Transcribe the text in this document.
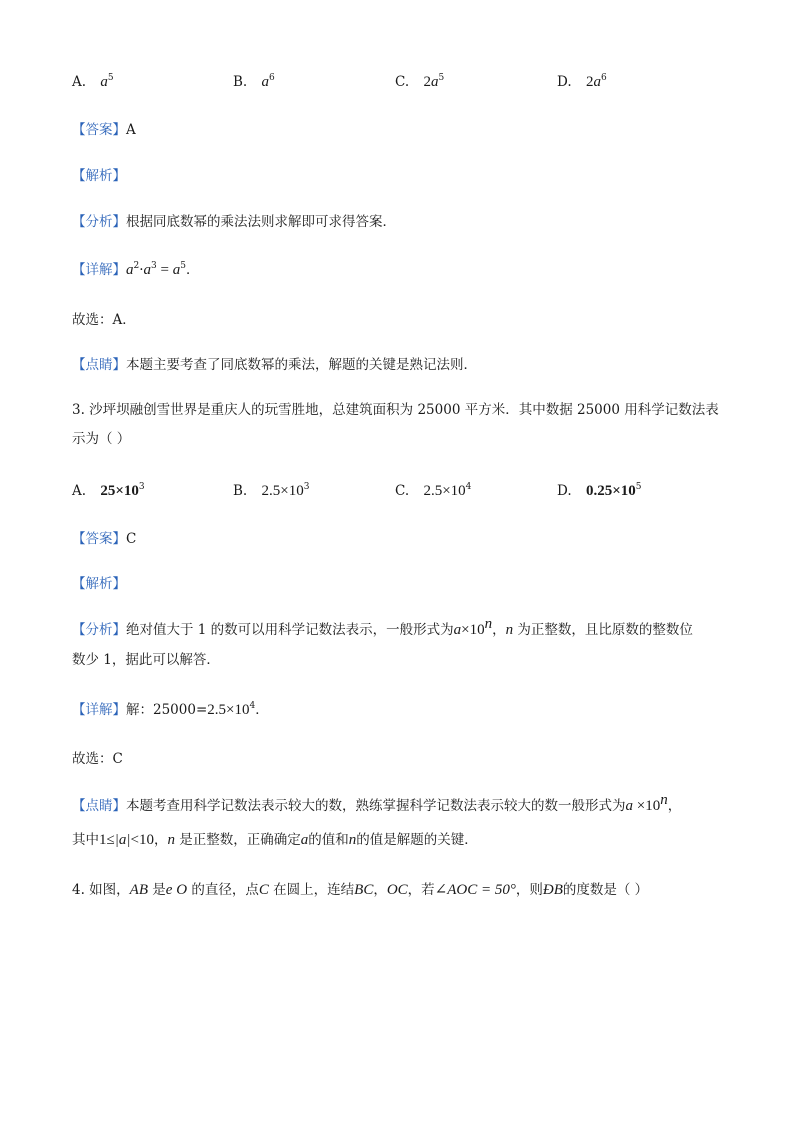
A. $a^5$	B. $a^6$	C. $2a^5$	D. $2a^6$
【答案】A
【解析】
【分析】根据同底数幂的乘法法则求解即可求得答案．
【详解】$a^2\cdot a^3 = a^5$．
故选：A．
【点睛】本题主要考查了同底数幂的乘法，解题的关键是熟记法则．
3. 沙坪坝融创雪世界是重庆人的玩雪胜地，总建筑面积为 25000 平方米．其中数据 25000 用科学记数法表
示为（ ）
A. $25\times 10^3$	B. $2.5\times 10^3$	C. $2.5\times 10^4$	D. $0.25\times 10^5$
【答案】C
【解析】
【分析】绝对值大于 1 的数可以用科学记数法表示，一般形式为$a\times 10^n$，n 为正整数，且比原数的整数位
数少 1，据此可以解答．
【详解】解：$25000=2.5\times 10^4$．
故选：C
【点睛】本题考查用科学记数法表示较大的数，熟练掌握科学记数法表示较大的数一般形式为$a \times 10^n$，
其中1≤|a|<10，n 是正整数，正确确定a的值和n的值是解题的关键．
4. 如图，AB 是e O 的直径，点C 在圆上，连结BC，OC，若∠AOC = 50°，则ÐB的度数是（ ）
